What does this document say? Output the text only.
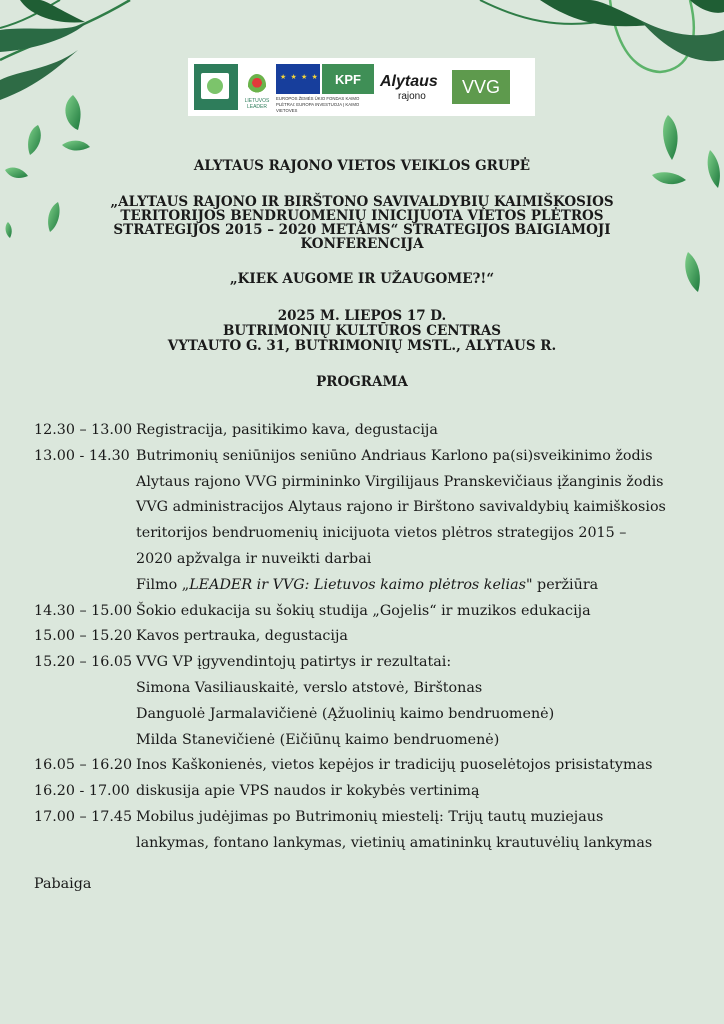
LIETUVOS LEADER
★ ★ ★ ★
KPF
EUROPOS ŽEMĖS ŪKIO FONDAS KAIMO PLĖTRAI: EUROPA INVESTUOJA Į KAIMO VIETOVES
Alytaus
rajono	VVG
ALYTAUS RAJONO VIETOS VEIKLOS GRUPĖ
„ALYTAUS RAJONO IR BIRŠTONO SAVIVALDYBIŲ KAIMIŠKOSIOS
TERITORIJOS BENDRUOMENIŲ INICIJUOTA VIETOS PLĖTROS
STRATEGIJOS 2015 – 2020 METAMS“ STRATEGIJOS BAIGIAMOJI
KONFERENCIJA
„KIEK AUGOME IR UŽAUGOME?!“
2025 M. LIEPOS 17 D.
BUTRIMONIŲ KULTŪROS CENTRAS
VYTAUTO G. 31, BUTRIMONIŲ MSTL., ALYTAUS R.
PROGRAMA
12.30 – 13.00 Registracija, pasitikimo kava, degustacija
13.00 - 14.30 Butrimonių seniūnijos seniūno Andriaus Karlono pa(si)sveikinimo žodis
Alytaus rajono VVG pirmininko Virgilijaus Pranskevičiaus įžanginis žodis
VVG administracijos Alytaus rajono ir Birštono savivaldybių kaimiškosios
teritorijos bendruomenių inicijuota vietos plėtros strategijos 2015 –
2020 apžvalga ir nuveikti darbai
Filmo „LEADER ir VVG: Lietuvos kaimo plėtros kelias" peržiūra
14.30 – 15.00 Šokio edukacija su šokių studija „Gojelis“ ir muzikos edukacija
15.00 – 15.20 Kavos pertrauka, degustacija
15.20 – 16.05 VVG VP įgyvendintojų patirtys ir rezultatai:
Simona Vasiliauskaitė, verslo atstovė, Birštonas
Danguolė Jarmalavičienė (Ąžuolinių kaimo bendruomenė)
Milda Stanevičienė (Eičiūnų kaimo bendruomenė)
16.05 – 16.20 Inos Kaškonienės, vietos kepėjos ir tradicijų puoselėtojos prisistatymas
16.20 - 17.00 diskusija apie VPS naudos ir kokybės vertinimą
17.00 – 17.45 Mobilus judėjimas po Butrimonių miestelį: Trijų tautų muziejaus
lankymas, fontano lankymas, vietinių amatininkų krautuvėlių lankymas
Pabaiga
